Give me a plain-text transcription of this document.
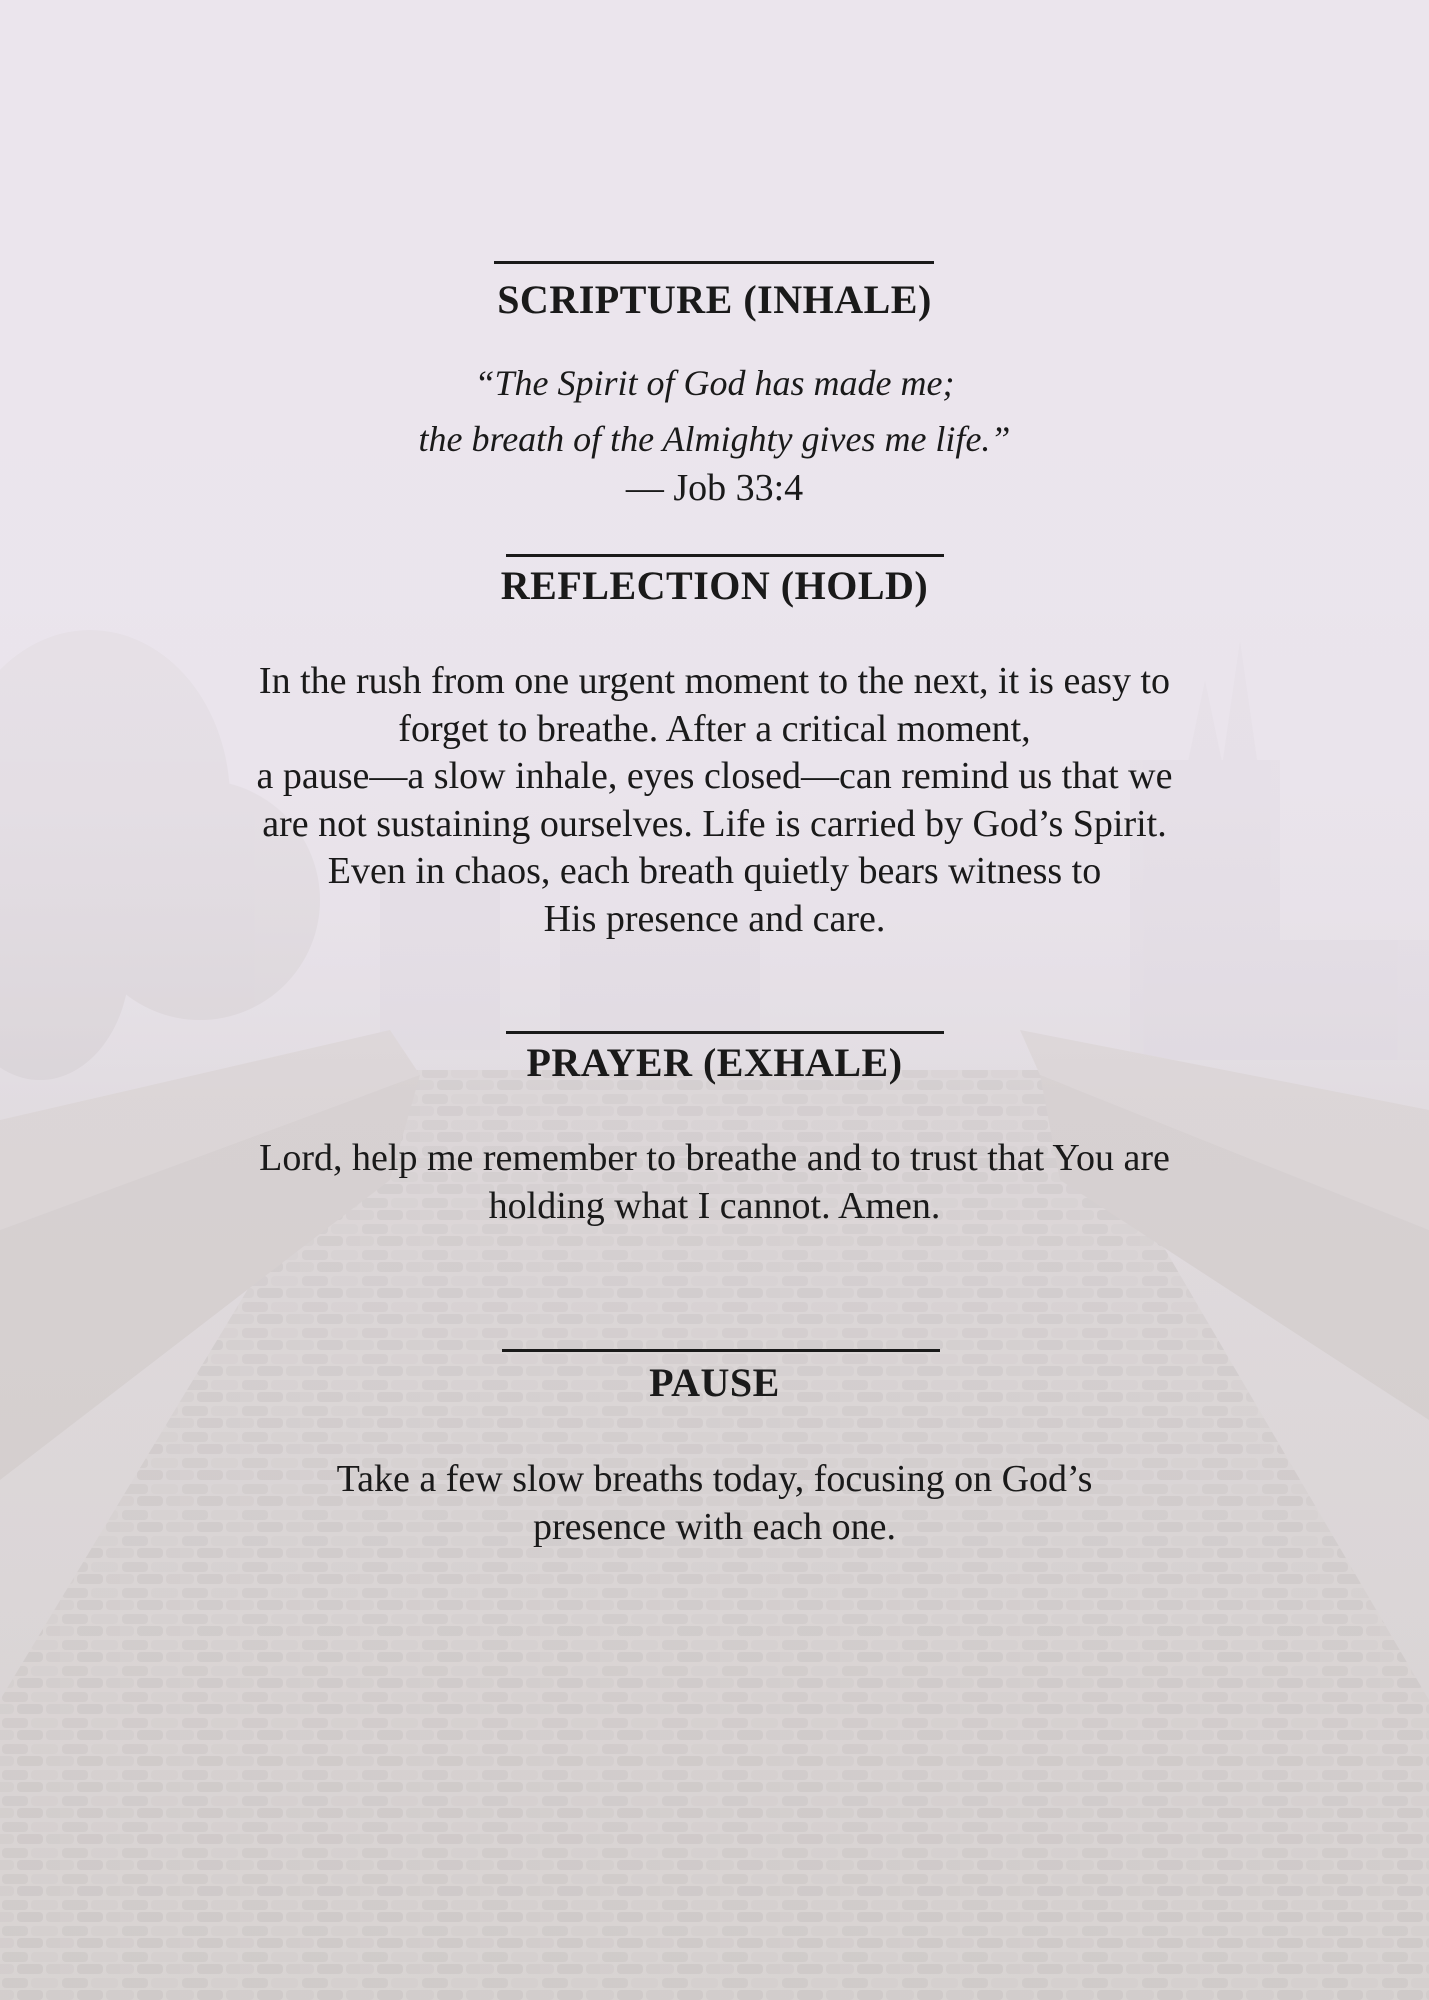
SCRIPTURE (INHALE)
“The Spirit of God has made me;
the breath of the Almighty gives me life.”
— Job 33:4
REFLECTION (HOLD)
In the rush from one urgent moment to the next, it is easy to
forget to breathe. After a critical moment,
a pause—a slow inhale, eyes closed—can remind us that we
are not sustaining ourselves. Life is carried by God’s Spirit.
Even in chaos, each breath quietly bears witness to
His presence and care.
PRAYER (EXHALE)
Lord, help me remember to breathe and to trust that You are
holding what I cannot. Amen.
PAUSE
Take a few slow breaths today, focusing on God’s
presence with each one.
